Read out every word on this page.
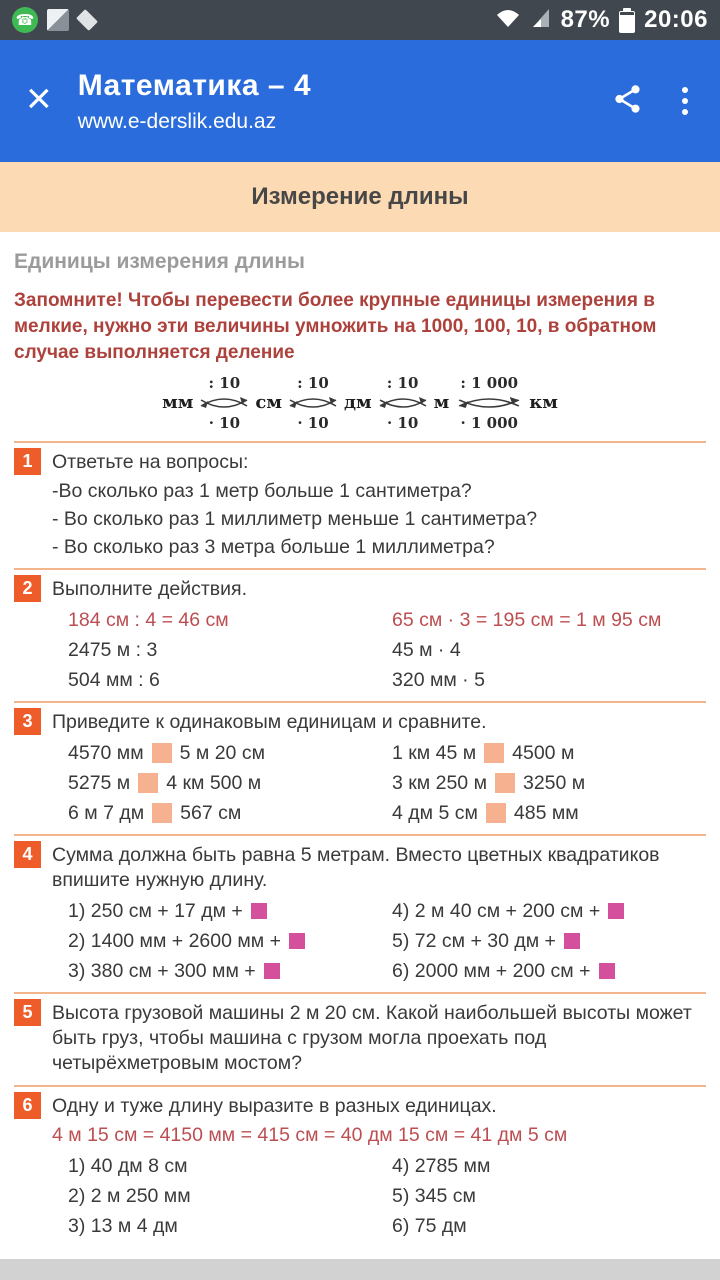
☎	87% 20:06
× Математика – 4
www.e-derslik.edu.az
Измерение длины
Единицы измерения длины

Запомните! Чтобы перевести более крупные единицы измерения в мелкие, нужно эти величины умножить на 1000, 100, 10, в обратном случае выполняется деление

мм
: 10
· 10
см
: 10
· 10
дм
: 10
· 10
м
: 1 000
· 1 000
км
1	Ответьте на вопросы:
-Во сколько раз 1 метр больше 1 сантиметра?
- Во сколько раз 1 миллиметр меньше 1 сантиметра?
- Во сколько раз 3 метра больше 1 миллиметра?
2	Выполните действия.
184 см : 4 = 46 см	65 см · 3 = 195 см = 1 м 95 см
2475 м : 3	45 м · 4
504 мм : 6	320 мм · 5
3	Приведите к одинаковым единицам и сравните.
4570 мм 5 м 20 см	1 км 45 м 4500 м
5275 м 4 км 500 м	3 км 250 м 3250 м
6 м 7 дм 567 см	4 дм 5 см 485 мм
4	Сумма должна быть равна 5 метрам. Вместо цветных квадратиков впишите нужную длину.
1) 250 см + 17 дм +	4) 2 м 40 см + 200 см +
2) 1400 мм + 2600 мм +	5) 72 см + 30 дм +
3) 380 см + 300 мм +	6) 2000 мм + 200 см +
5	Высота грузовой машины 2 м 20 см. Какой наибольшей высоты может быть груз, чтобы машина с грузом могла проехать под четырёхметровым мостом?
6	Одну и туже длину выразите в разных единицах.
4 м 15 см = 4150 мм = 415 см = 40 дм 15 см = 41 дм 5 см
1) 40 дм 8 см	4) 2785 мм
2) 2 м 250 мм	5) 345 см
3) 13 м 4 дм	6) 75 дм
